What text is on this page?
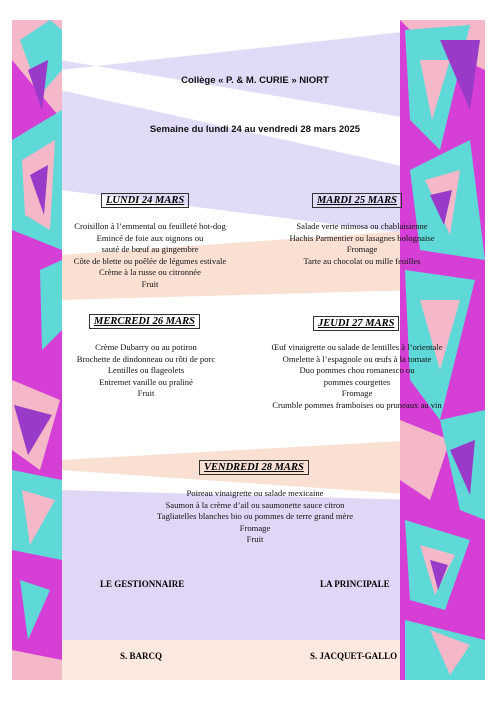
Collège « P. & M. CURIE » NIORT
Semaine du lundi 24 au vendredi 28 mars 2025
LUNDI 24 MARS
Croisillon à l’emmental ou feuilleté hot-dog
Emincé de foie aux oignons ou
sauté de bœuf au gingembre
Côte de blette ou poêlée de légumes estivale
Crème à la russe ou citronnée
Fruit
MARDI 25 MARS
Salade verte mimosa ou chablaisienne
Hachis Parmentier ou lasagnes bolognaise
Fromage
Tarte au chocolat ou mille feuilles
MERCREDI 26 MARS
Crème Dubarry ou au potiron
Brochette de dindonneau ou rôti de porc
Lentilles ou flageolets
Entremet vanille ou praliné
Fruit
JEUDI 27 MARS
Œuf vinaigrette ou salade de lentilles à l’orientale
Omelette à l’espagnole ou œufs à la tomate
Duo pommes chou romanesco ou
pommes courgettes
Fromage
Crumble pommes framboises ou pruneaux au vin
VENDREDI 28 MARS
Poireau vinaigrette ou salade mexicaine
Saumon à la crème d’ail ou saumonette sauce citron
Tagliatelles blanches bio ou pommes de terre grand mère
Fromage
Fruit
LE GESTIONNAIRE	LA PRINCIPALE
S. BARCQ	S. JACQUET-GALLO
